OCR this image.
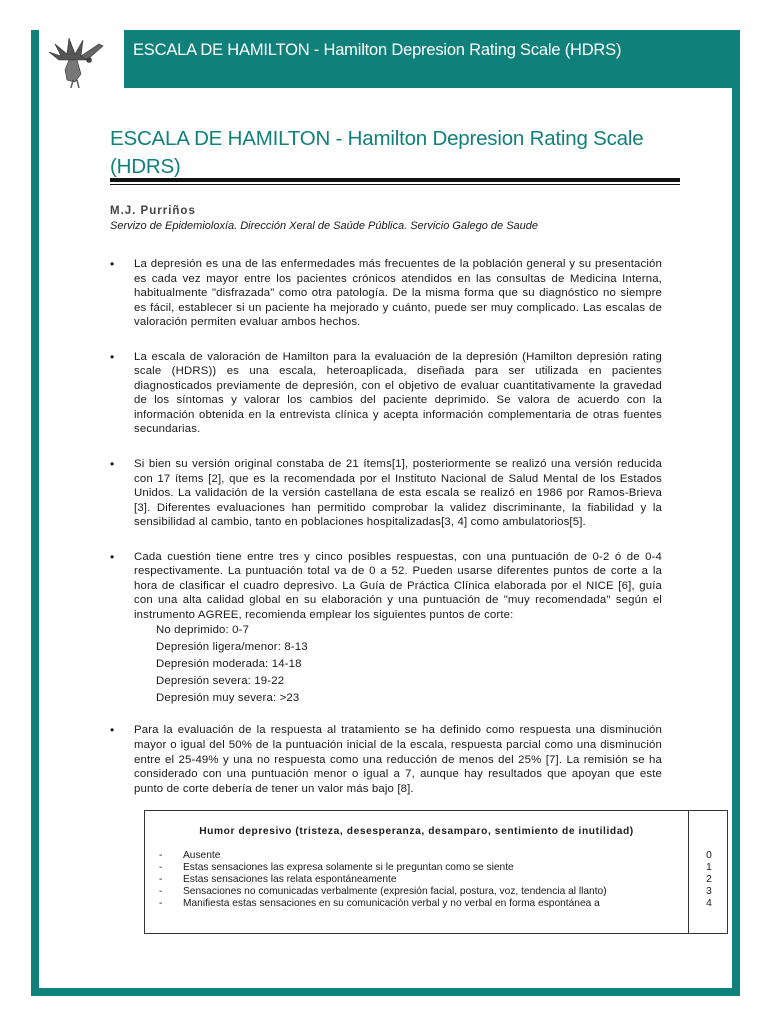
ESCALA DE HAMILTON - Hamilton Depresion Rating Scale (HDRS)
ESCALA DE HAMILTON - Hamilton Depresion Rating Scale (HDRS)
M.J. Purriños
Servizo de Epidemioloxía. Dirección Xeral de Saúde Pública. Servicio Galego de Saude
• La depresión es una de las enfermedades más frecuentes de la población general y su presentación es cada vez mayor entre los pacientes crónicos atendidos en las consultas de Medicina Interna, habitualmente "disfrazada" como otra patología. De la misma forma que su diagnóstico no siempre es fácil, establecer si un paciente ha mejorado y cuánto, puede ser muy complicado. Las escalas de valoración permiten evaluar ambos hechos.
• La escala de valoración de Hamilton para la evaluación de la depresión (Hamilton depresión rating scale (HDRS)) es una escala, heteroaplicada, diseñada para ser utilizada en pacientes diagnosticados previamente de depresión, con el objetivo de evaluar cuantitativamente la gravedad de los síntomas y valorar los cambios del paciente deprimido. Se valora de acuerdo con la información obtenida en la entrevista clínica y acepta información complementaria de otras fuentes secundarias.
• Si bien su versión original constaba de 21 ítems[1], posteriormente se realizó una versión reducida con 17 ítems [2], que es la recomendada por el Instituto Nacional de Salud Mental de los Estados Unidos. La validación de la versión castellana de esta escala se realizó en 1986 por Ramos-Brieva [3]. Diferentes evaluaciones han permitido comprobar la validez discriminante, la fiabilidad y la sensibilidad al cambio, tanto en poblaciones hospitalizadas[3, 4] como ambulatorios[5].
• Cada cuestión tiene entre tres y cinco posibles respuestas, con una puntuación de 0-2 ó de 0-4 respectivamente. La puntuación total va de 0 a 52. Pueden usarse diferentes puntos de corte a la hora de clasificar el cuadro depresivo. La Guía de Práctica Clínica elaborada por el NICE [6], guía con una alta calidad global en su elaboración y una puntuación de "muy recomendada" según el instrumento AGREE, recomienda emplear los siguientes puntos de corte:
No deprimido: 0-7
Depresión ligera/menor: 8-13
Depresión moderada: 14-18
Depresión severa: 19-22
Depresión muy severa: >23
• Para la evaluación de la respuesta al tratamiento se ha definido como respuesta una disminución mayor o igual del 50% de la puntuación inicial de la escala, respuesta parcial como una disminución entre el 25-49% y una no respuesta como una reducción de menos del 25% [7]. La remisión se ha considerado con una puntuación menor o igual a 7, aunque hay resultados que apoyan que este punto de corte debería de tener un valor más bajo [8].
Humor depresivo (tristeza, desesperanza, desamparo, sentimiento de inutilidad)
- Ausente
- Estas sensaciones las expresa solamente si le preguntan como se siente
- Estas sensaciones las relata espontáneamente
- Sensaciones no comunicadas verbalmente (expresión facial, postura, voz, tendencia al llanto)
- Manifiesta estas sensaciones en su comunicación verbal y no verbal en forma espontánea a
0
1
2
3
4
